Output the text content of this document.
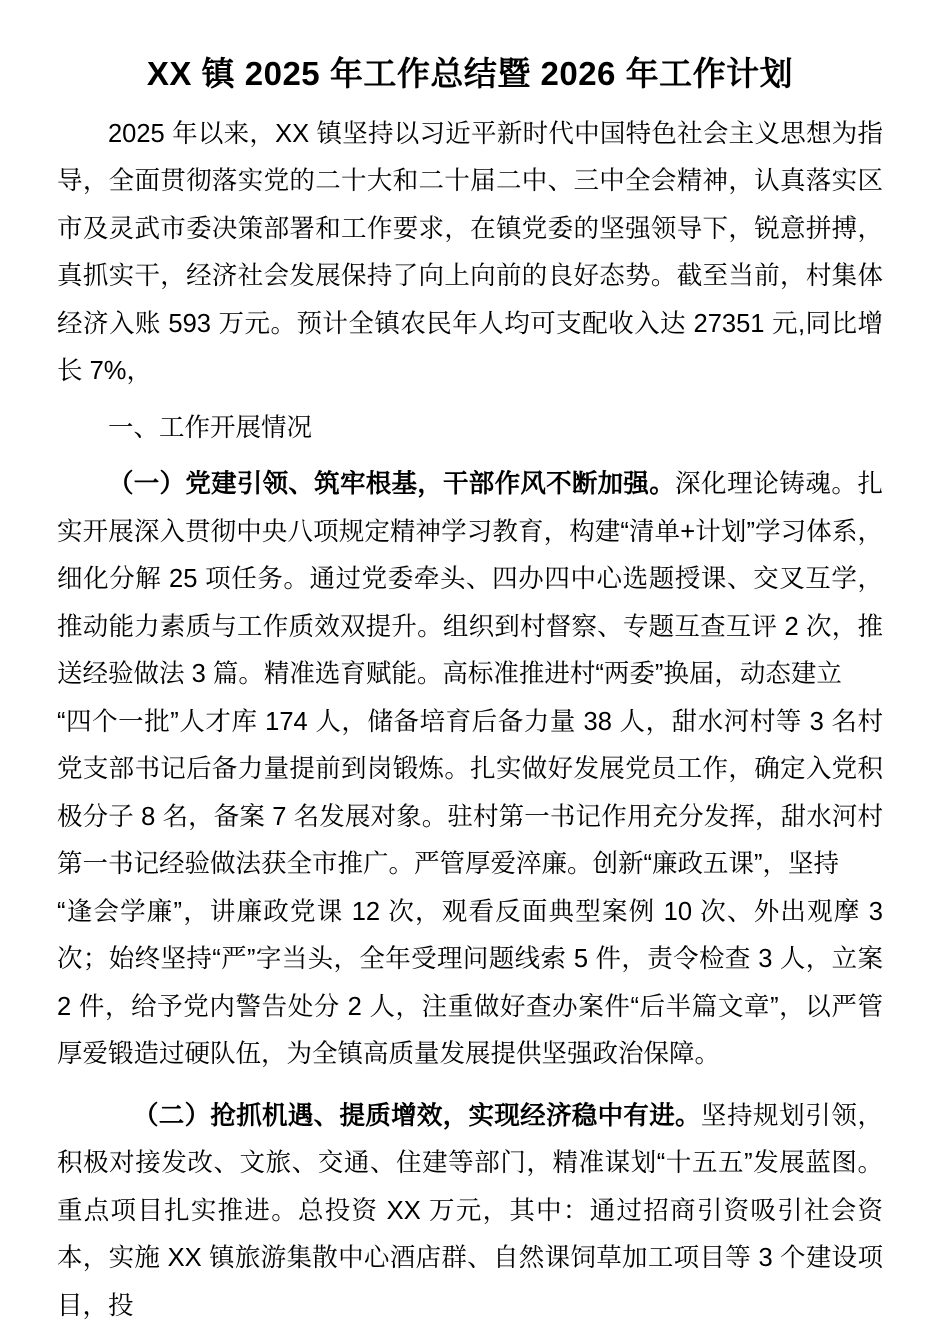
XX 镇 2025 年工作总结暨 2026 年工作计划

2025 年以来，XX 镇坚持以习近平新时代中国特色社会主义思想为指导，全面贯彻落实党的二十大和二十届二中、三中全会精神，认真落实区市及灵武市委决策部署和工作要求，在镇党委的坚强领导下，锐意拼搏，真抓实干，经济社会发展保持了向上向前的良好态势。截至当前，村集体经济入账 593 万元。预计全镇农民年人均可支配收入达 27351 元,同比增长 7%，

一、工作开展情况

（一）党建引领、筑牢根基，干部作风不断加强。深化理论铸魂。扎实开展深入贯彻中央八项规定精神学习教育，构建“清单+计划”学习体系，细化分解 25 项任务。通过党委牵头、四办四中心选题授课、交叉互学，推动能力素质与工作质效双提升。组织到村督察、专题互查互评 2 次，推送经验做法 3 篇。精准选育赋能。高标准推进村“两委”换届，动态建立

“四个一批”人才库 174 人，储备培育后备力量 38 人，甜水河村等 3 名村党支部书记后备力量提前到岗锻炼。扎实做好发展党员工作，确定入党积极分子 8 名，备案 7 名发展对象。驻村第一书记作用充分发挥，甜水河村第一书记经验做法获全市推广。严管厚爱淬廉。创新“廉政五课”，坚持

“逢会学廉”，讲廉政党课 12 次，观看反面典型案例 10 次、外出观摩 3 次；始终坚持“严”字当头，全年受理问题线索 5 件，责令检查 3 人，立案 2 件，给予党内警告处分 2 人，注重做好查办案件“后半篇文章”，以严管厚爱锻造过硬队伍，为全镇高质量发展提供坚强政治保障。

（二）抢抓机遇、提质增效，实现经济稳中有进。坚持规划引领，积极对接发改、文旅、交通、住建等部门，精准谋划“十五五”发展蓝图。重点项目扎实推进。总投资 XX 万元，其中：通过招商引资吸引社会资本，实施 XX 镇旅游集散中心酒店群、自然课饲草加工项目等 3 个建设项目，投
